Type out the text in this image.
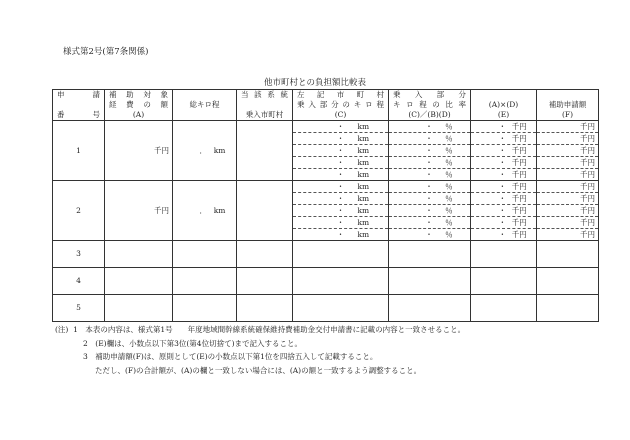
様式第2号(第7条関係)
他市町村との負担額比較表
申　請	補助対象	総キロ程	当該系統	左記市町村	乗入部分	(A)×(D)	補助申請額
	経費の額			乗入部分のキロ程	キロ程の比率		
番　号	(A)		乗入市町村	(C)	(C)／(B)(D)	(E)	(F)
1	千円	． km		・ km	・ ％	・ 千円	千円
				・ km	・ ％	・ 千円	千円
				・ km	・ ％	・ 千円	千円
				・ km	・ ％	・ 千円	千円
				・ km	・ ％	・ 千円	千円
2	千円	． km		・ km	・ ％	・ 千円	千円
				・ km	・ ％	・ 千円	千円
				・ km	・ ％	・ 千円	千円
				・ km	・ ％	・ 千円	千円
				・ km	・ ％	・ 千円	千円
3							
4							
5							
(注) 1　本表の内容は、様式第1号　　年度地域間幹線系統確保維持費補助金交付申請書に記載の内容と一致させること。
2　(E)欄は、小数点以下第3位(第4位切捨て)まで記入すること。
3　補助申請額(F)は、原則として(E)の小数点以下第1位を四捨五入して記載すること。
ただし、(F)の合計額が、(A)の欄と一致しない場合には、(A)の額と一致するよう調整すること。
